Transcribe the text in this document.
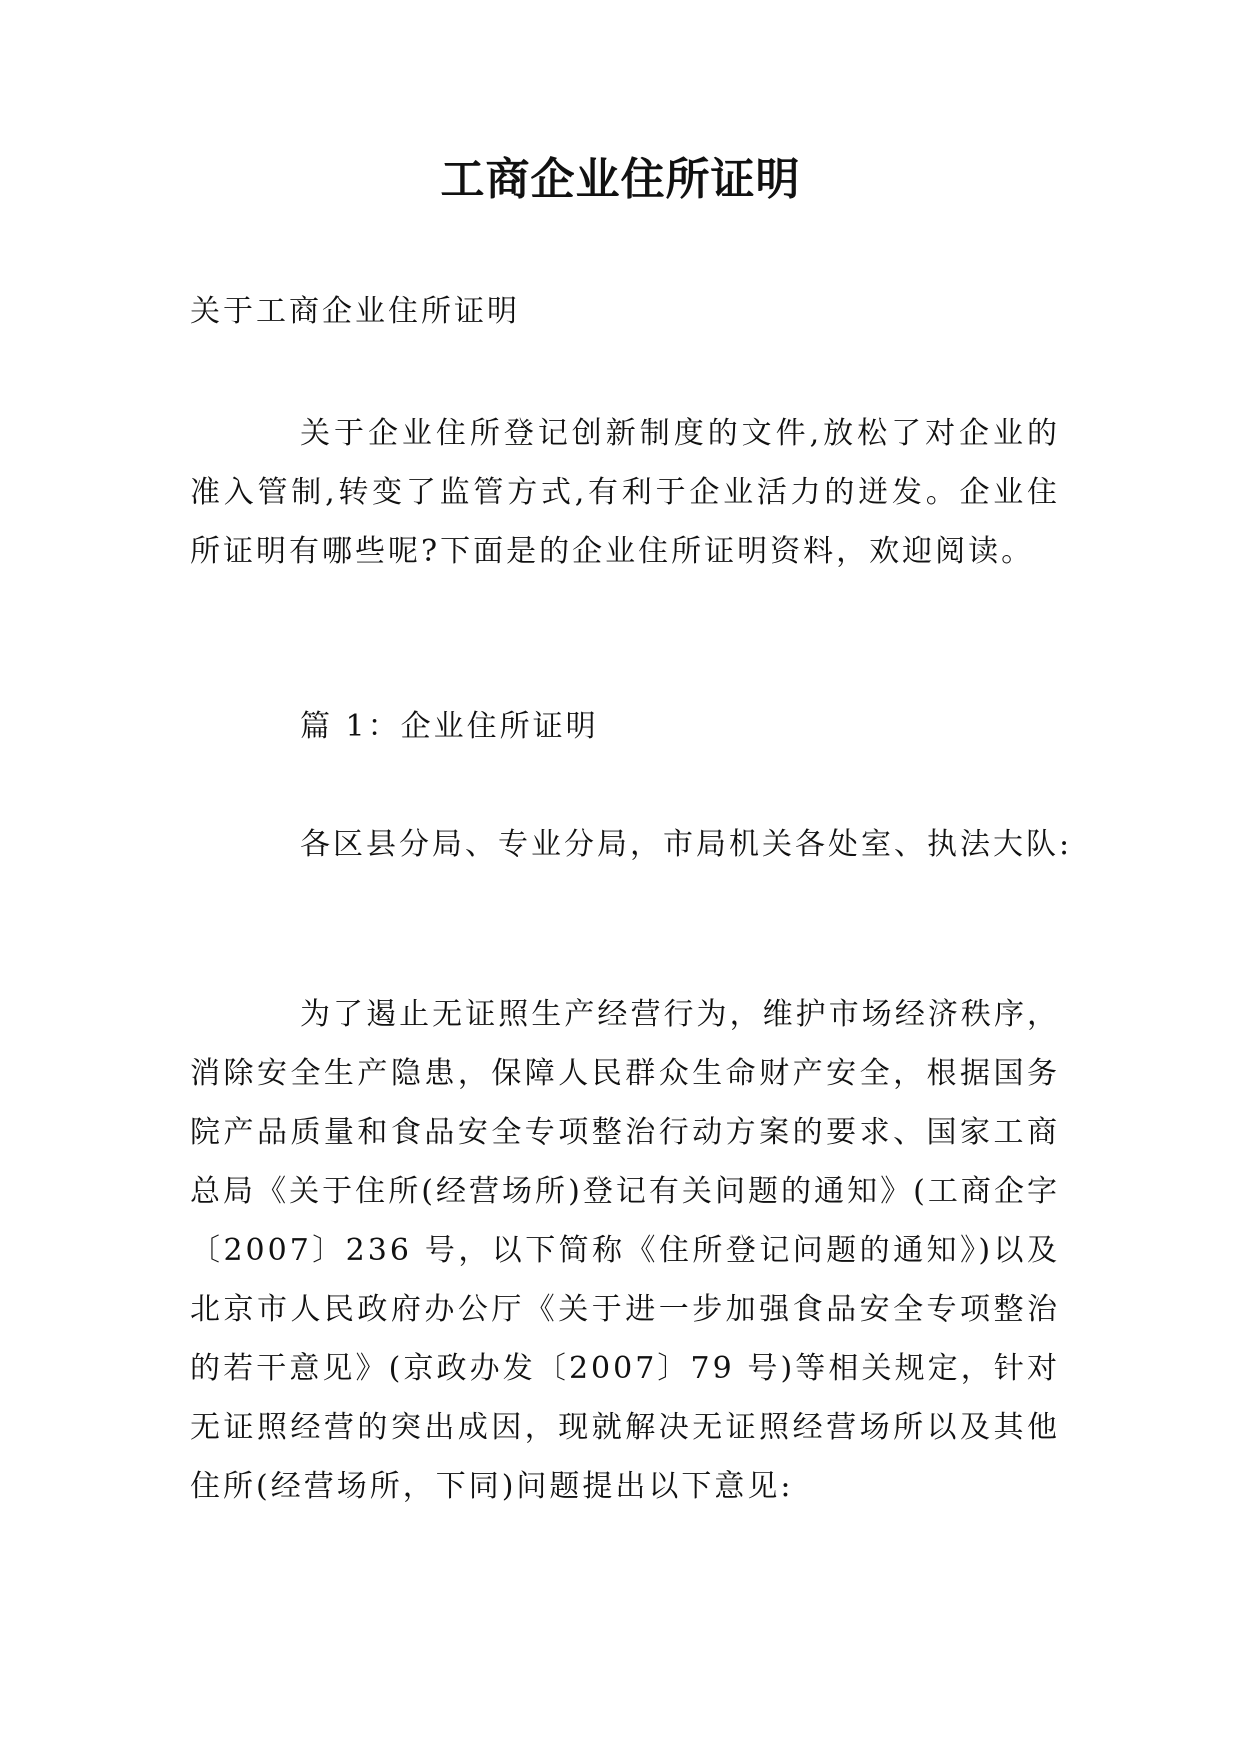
工商企业住所证明

关于工商企业住所证明

关于企业住所登记创新制度的文件,放松了对企业的准入管制,转变了监管方式,有利于企业活力的迸发。企业住所证明有哪些呢?下面是的企业住所证明资料，欢迎阅读。

篇 1：企业住所证明

各区县分局、专业分局，市局机关各处室、执法大队:

为了遏止无证照生产经营行为，维护市场经济秩序，消除安全生产隐患，保障人民群众生命财产安全，根据国务院产品质量和食品安全专项整治行动方案的要求、国家工商总局《关于住所(经营场所)登记有关问题的通知》(工商企字〔2007〕236 号，以下简称《住所登记问题的通知》)以及北京市人民政府办公厅《关于进一步加强食品安全专项整治的若干意见》(京政办发〔2007〕79 号)等相关规定，针对无证照经营的突出成因，现就解决无证照经营场所以及其他住所(经营场所，下同)问题提出以下意见:
